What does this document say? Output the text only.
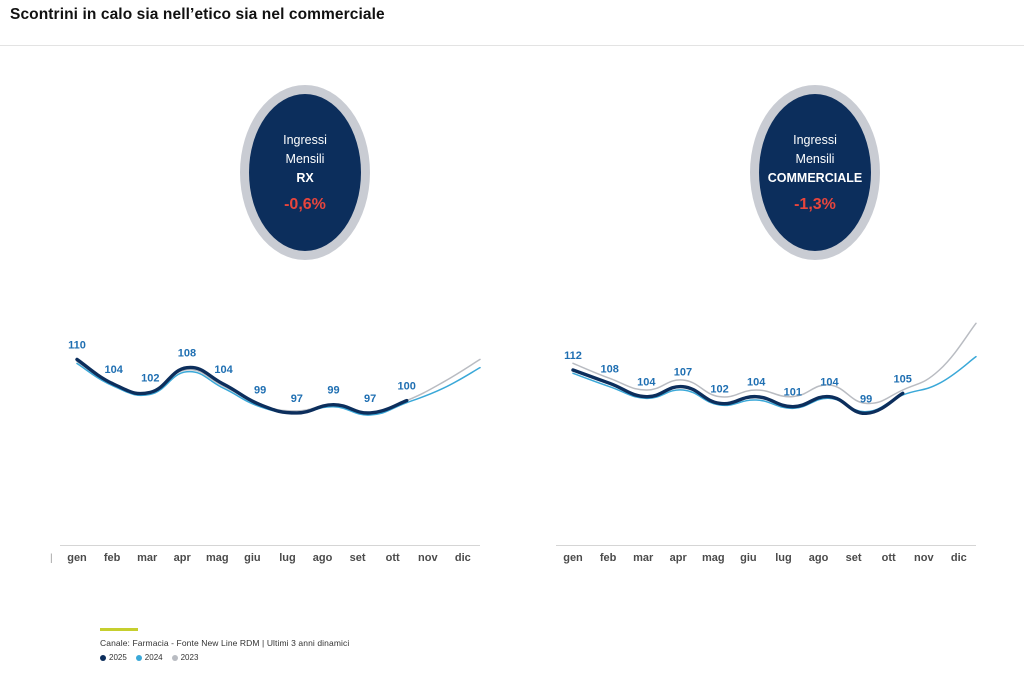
Scontrini in calo sia nell’etico sia nel commerciale
Ingressi
Mensili
RX
-0,6%
110
104
102
108
104
99
97
99
97
100
|	gen	feb	mar	apr	mag	giu	lug	ago	set	ott	nov	dic
Ingressi
Mensili
COMMERCIALE
-1,3%
112
108
104
107
102
104
101
104
99
105
gen	feb	mar	apr	mag	giu	lug	ago	set	ott	nov	dic
Canale: Farmacia - Fonte New Line RDM | Ultimi 3 anni dinamici
2025 2024 2023
